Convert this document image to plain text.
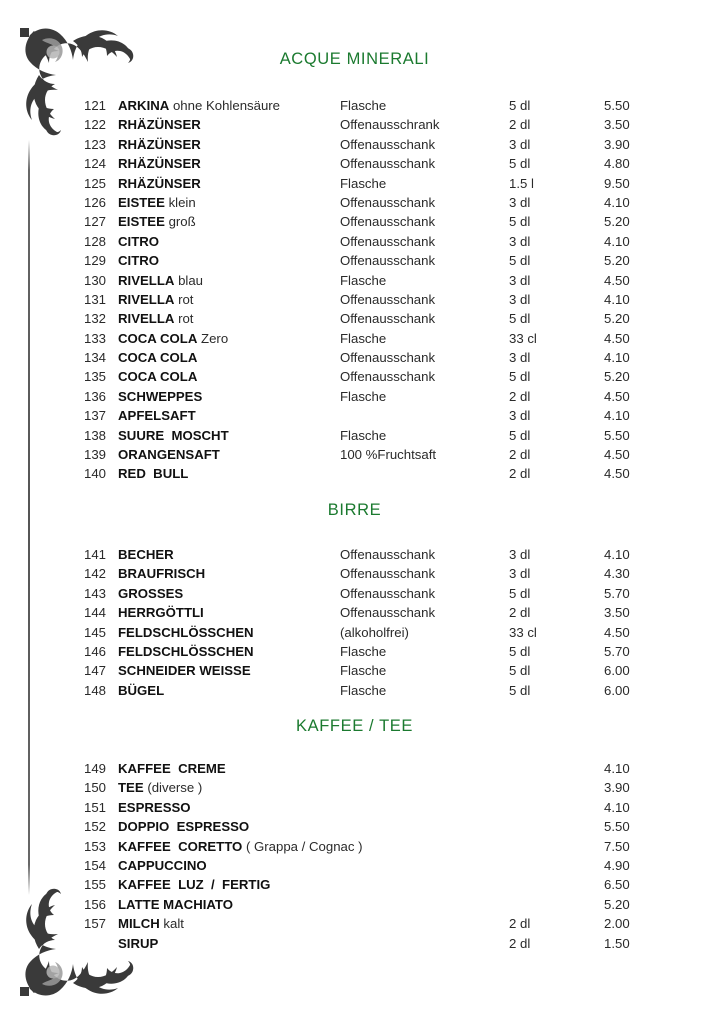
ACQUE MINERALI
121 ARKINA ohne Kohlensäure	Flasche	5 dl	5.50
122 RHÄZÜNSER	Offenausschrank	2 dl	3.50
123 RHÄZÜNSER	Offenausschank	3 dl	3.90
124 RHÄZÜNSER	Offenausschank	5 dl	4.80
125 RHÄZÜNSER	Flasche	1.5 l	9.50
126 EISTEE klein	Offenausschank	3 dl	4.10
127 EISTEE groß	Offenausschank	5 dl	5.20
128 CITRO	Offenausschank	3 dl	4.10
129 CITRO	Offenausschank	5 dl	5.20
130 RIVELLA blau	Flasche	3 dl	4.50
131 RIVELLA rot	Offenausschank	3 dl	4.10
132 RIVELLA rot	Offenausschank	5 dl	5.20
133 COCA COLA Zero	Flasche	33 cl	4.50
134 COCA COLA	Offenausschank	3 dl	4.10
135 COCA COLA	Offenausschank	5 dl	5.20
136 SCHWEPPES	Flasche	2 dl	4.50
137 APFELSAFT	3 dl	4.10
138 SUURE  MOSCHT	Flasche	5 dl	5.50
139 ORANGENSAFT	100 %Fruchtsaft	2 dl	4.50
140 RED  BULL	2 dl	4.50
BIRRE
141 BECHER	Offenausschank	3 dl	4.10
142 BRAUFRISCH	Offenausschank	3 dl	4.30
143 GROSSES	Offenausschank	5 dl	5.70
144 HERRGÖTTLI	Offenausschank	2 dl	3.50
145 FELDSCHLÖSSCHEN	(alkoholfrei)	33 cl	4.50
146 FELDSCHLÖSSCHEN	Flasche	5 dl	5.70
147 SCHNEIDER WEISSE	Flasche	5 dl	6.00
148 BÜGEL	Flasche	5 dl	6.00
KAFFEE / TEE
149 KAFFEE  CREME	4.10
150 TEE (diverse )	3.90
151 ESPRESSO	4.10
152 DOPPIO  ESPRESSO	5.50
153 KAFFEE  CORETTO ( Grappa / Cognac )	7.50
154 CAPPUCCINO	4.90
155 KAFFEE  LUZ  /  FERTIG	6.50
156 LATTE MACHIATO	5.20
157 MILCH kalt	2 dl	2.00
SIRUP	2 dl	1.50
